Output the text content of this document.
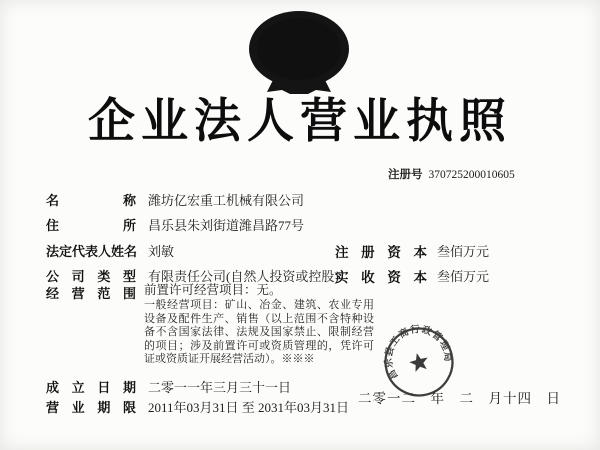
企业法人营业执照
注册号 370725200010605
名称 潍坊亿宏重工机械有限公司
住所 昌乐县朱刘街道潍昌路77号
法定代表人姓名 刘敏
公司类型 有限责任公司(自然人投资或控股)
经营范围 前置许可经营项目：无。
一般经营项目：矿山、冶金、建筑、农业专用设备及配件生产、销售（以上范围不含特种设备不含国家法律、法规及国家禁止、限制经营的项目；涉及前置许可或资质管理的，凭许可证或资质证开展经营活动）。※※※
注册资本 叁佰万元
实收资本 叁佰万元
成立日期 二零一一年三月三十一日
营业期限 2011年03月31日 至 2031年03月31日
二零一二　年　二　月十四　日
昌乐县工商行政管理局
